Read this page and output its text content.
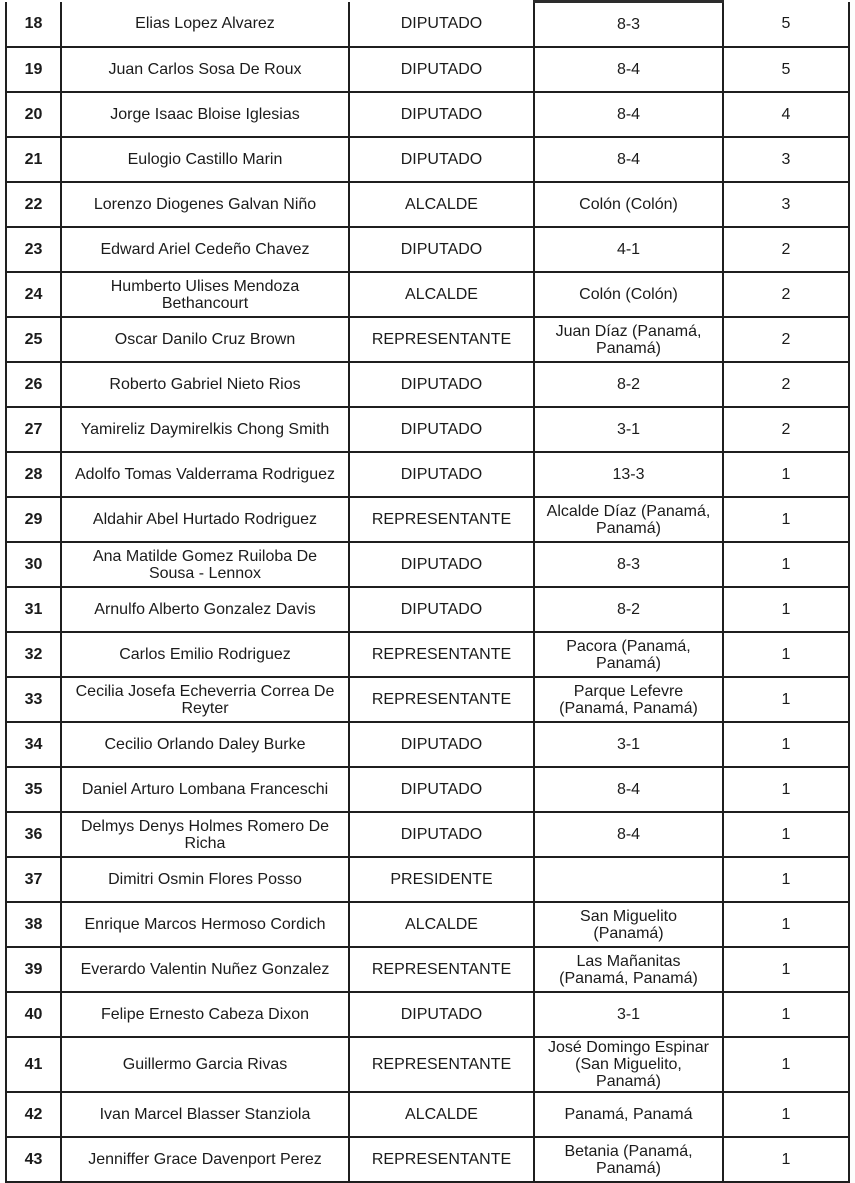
18	Elias Lopez Alvarez	DIPUTADO	8-3	5
19	Juan Carlos Sosa De Roux	DIPUTADO	8-4	5
20	Jorge Isaac Bloise Iglesias	DIPUTADO	8-4	4
21	Eulogio Castillo Marin	DIPUTADO	8-4	3
22	Lorenzo Diogenes Galvan Niño	ALCALDE	Colón (Colón)	3
23	Edward Ariel Cedeño Chavez	DIPUTADO	4-1	2
24	Humberto Ulises Mendoza Bethancourt	ALCALDE	Colón (Colón)	2
25	Oscar Danilo Cruz Brown	REPRESENTANTE	Juan Díaz (Panamá, Panamá)	2
26	Roberto Gabriel Nieto Rios	DIPUTADO	8-2	2
27	Yamireliz Daymirelkis Chong Smith	DIPUTADO	3-1	2
28	Adolfo Tomas Valderrama Rodriguez	DIPUTADO	13-3	1
29	Aldahir Abel Hurtado Rodriguez	REPRESENTANTE	Alcalde Díaz (Panamá, Panamá)	1
30	Ana Matilde Gomez Ruiloba De Sousa - Lennox	DIPUTADO	8-3	1
31	Arnulfo Alberto Gonzalez Davis	DIPUTADO	8-2	1
32	Carlos Emilio Rodriguez	REPRESENTANTE	Pacora (Panamá, Panamá)	1
33	Cecilia Josefa Echeverria Correa De Reyter	REPRESENTANTE	Parque Lefevre (Panamá, Panamá)	1
34	Cecilio Orlando Daley Burke	DIPUTADO	3-1	1
35	Daniel Arturo Lombana Franceschi	DIPUTADO	8-4	1
36	Delmys Denys Holmes Romero De Richa	DIPUTADO	8-4	1
37	Dimitri Osmin Flores Posso	PRESIDENTE		1
38	Enrique Marcos Hermoso Cordich	ALCALDE	San Miguelito (Panamá)	1
39	Everardo Valentin Nuñez Gonzalez	REPRESENTANTE	Las Mañanitas (Panamá, Panamá)	1
40	Felipe Ernesto Cabeza Dixon	DIPUTADO	3-1	1
41	Guillermo Garcia Rivas	REPRESENTANTE	José Domingo Espinar (San Miguelito, Panamá)	1
42	Ivan Marcel Blasser Stanziola	ALCALDE	Panamá, Panamá	1
43	Jenniffer Grace Davenport Perez	REPRESENTANTE	Betania (Panamá, Panamá)	1
